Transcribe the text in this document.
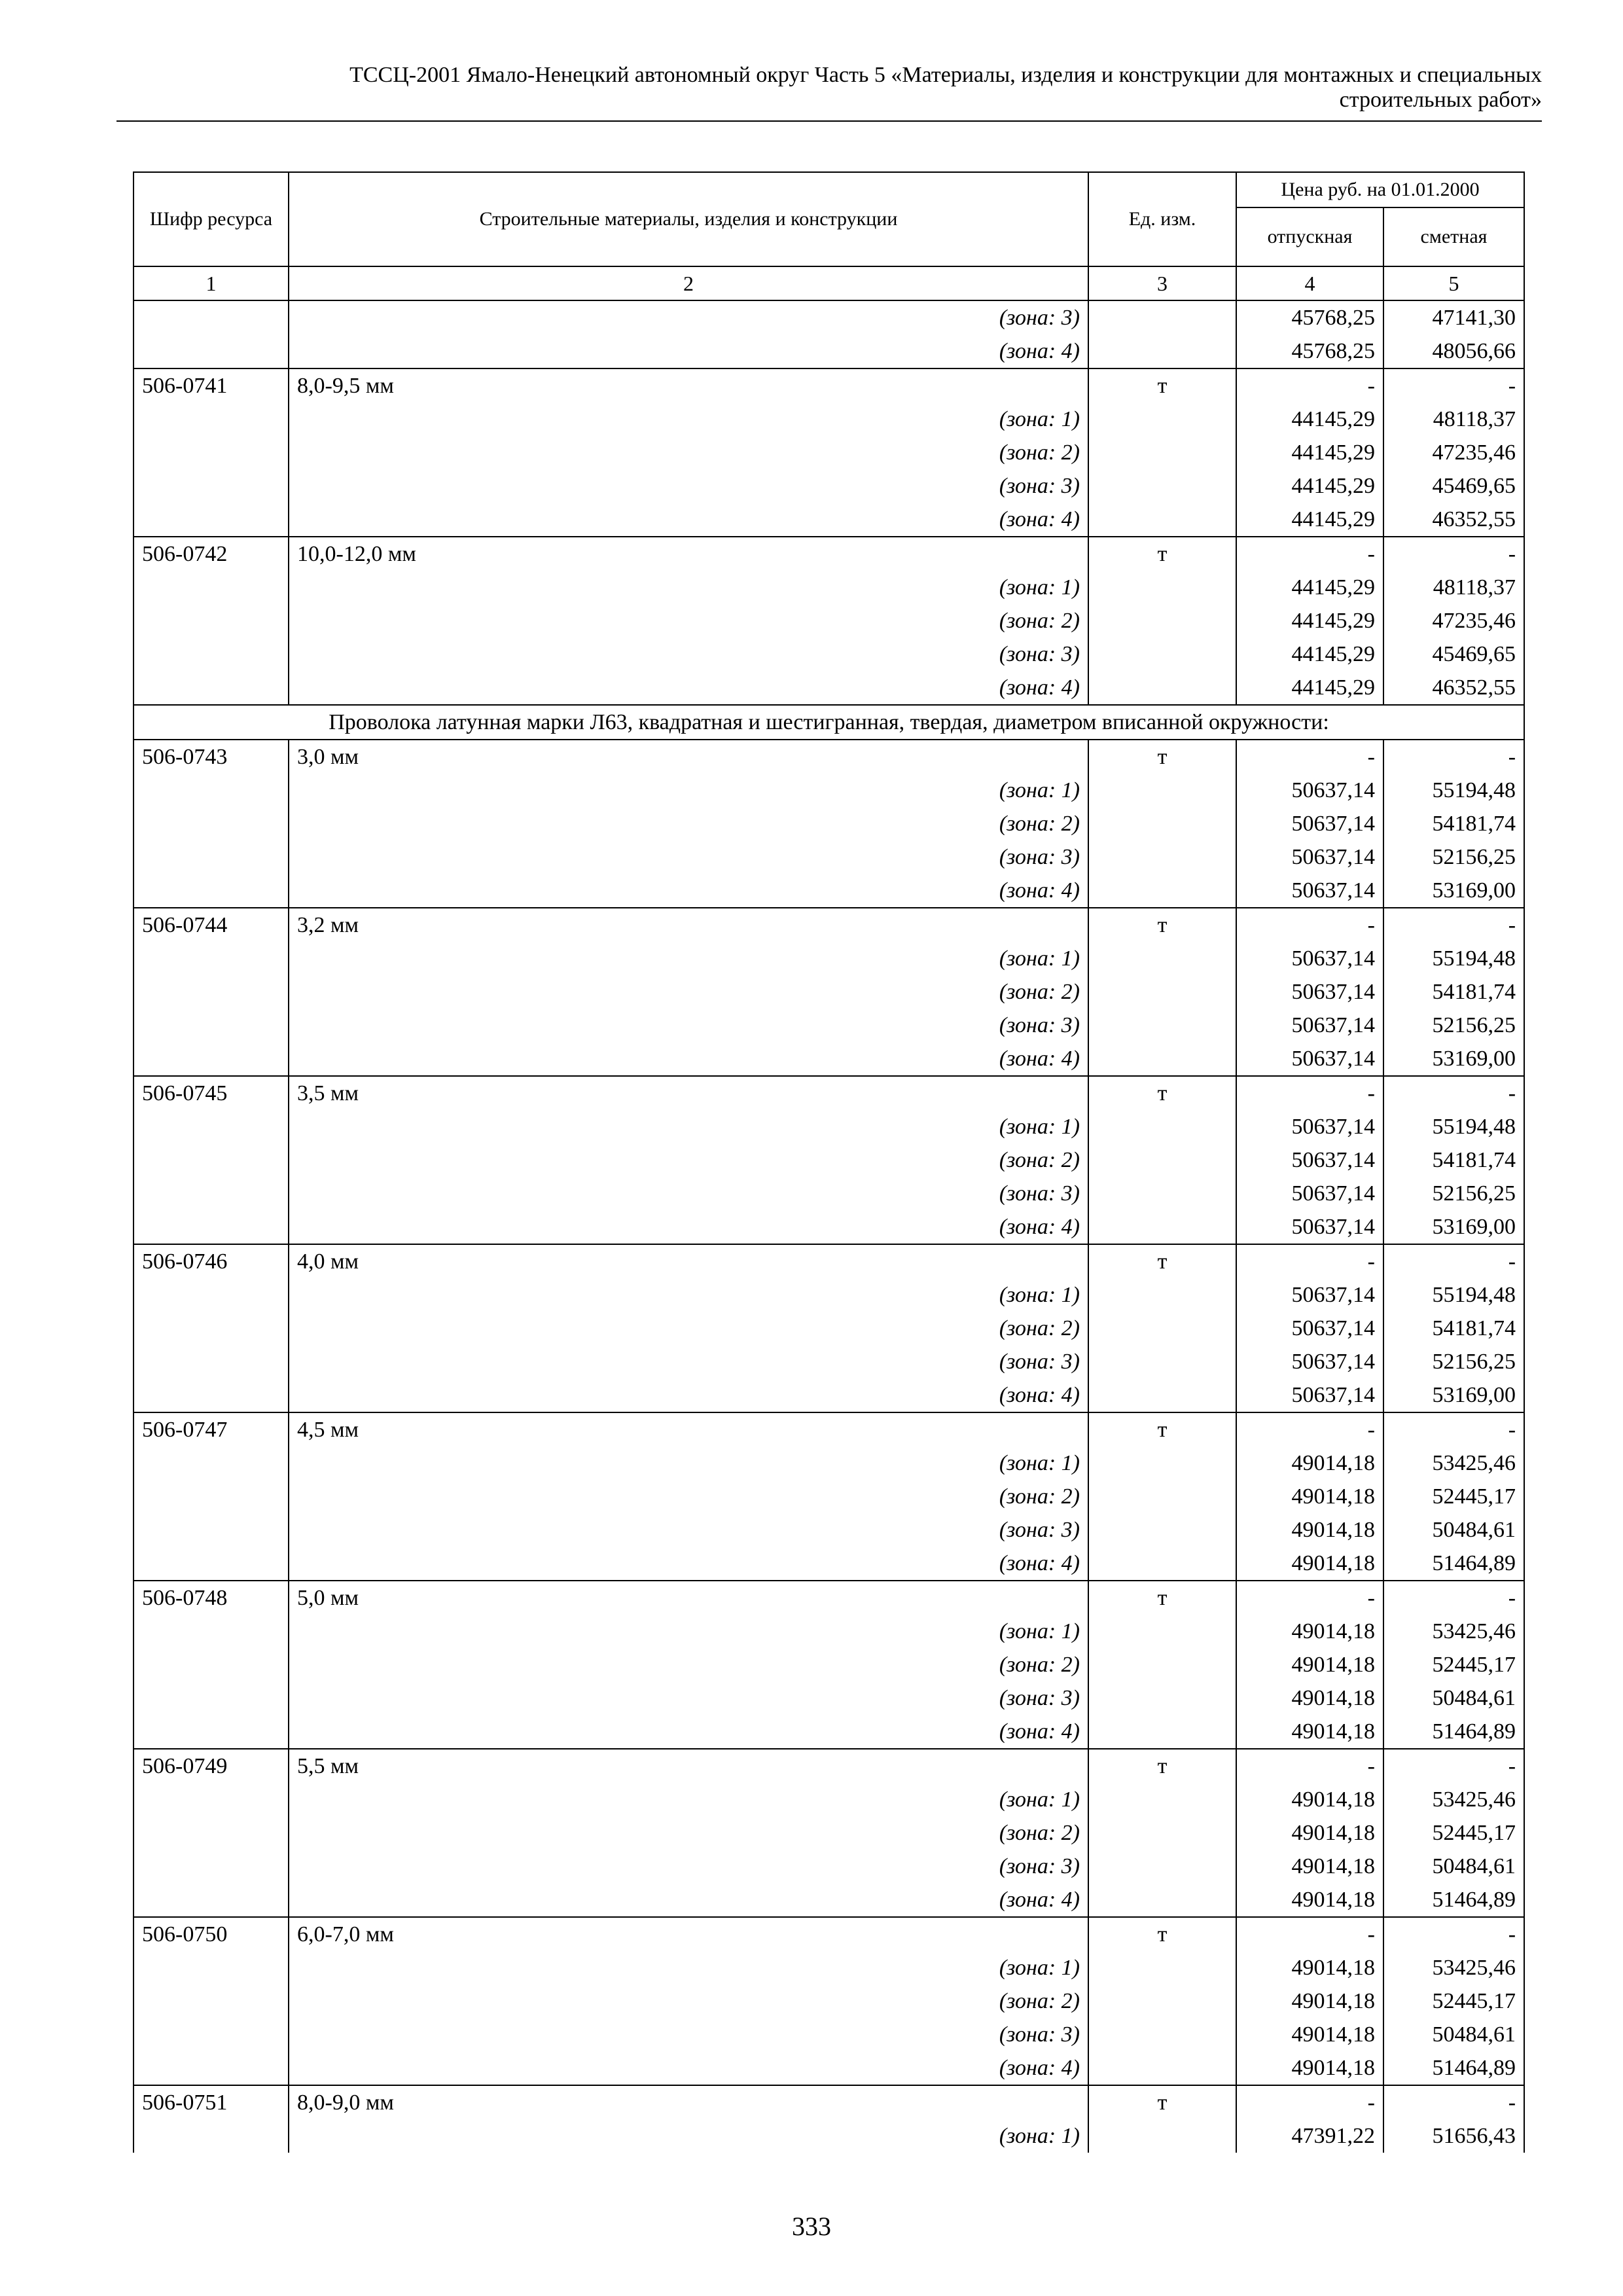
ТССЦ-2001 Ямало-Ненецкий автономный округ Часть 5 «Материалы, изделия и конструкции для монтажных и специальных
строительных работ»
Шифр ресурса	Строительные материалы, изделия и конструкции	Ед. изм.	Цена руб. на 01.01.2000	
			отпускная	сметная
1	2	3	4	5
	(зона: 3)		45768,25	47141,30
	(зона: 4)		45768,25	48056,66
506-0741	8,0-9,5 мм	т	-	-
	(зона: 1)		44145,29	48118,37
	(зона: 2)		44145,29	47235,46
	(зона: 3)		44145,29	45469,65
	(зона: 4)		44145,29	46352,55
506-0742	10,0-12,0 мм	т	-	-
	(зона: 1)		44145,29	48118,37
	(зона: 2)		44145,29	47235,46
	(зона: 3)		44145,29	45469,65
	(зона: 4)		44145,29	46352,55
Проволока латунная марки Л63, квадратная и шестигранная, твердая, диаметром вписанной окружности:				
506-0743	3,0 мм	т	-	-
	(зона: 1)		50637,14	55194,48
	(зона: 2)		50637,14	54181,74
	(зона: 3)		50637,14	52156,25
	(зона: 4)		50637,14	53169,00
506-0744	3,2 мм	т	-	-
	(зона: 1)		50637,14	55194,48
	(зона: 2)		50637,14	54181,74
	(зона: 3)		50637,14	52156,25
	(зона: 4)		50637,14	53169,00
506-0745	3,5 мм	т	-	-
	(зона: 1)		50637,14	55194,48
	(зона: 2)		50637,14	54181,74
	(зона: 3)		50637,14	52156,25
	(зона: 4)		50637,14	53169,00
506-0746	4,0 мм	т	-	-
	(зона: 1)		50637,14	55194,48
	(зона: 2)		50637,14	54181,74
	(зона: 3)		50637,14	52156,25
	(зона: 4)		50637,14	53169,00
506-0747	4,5 мм	т	-	-
	(зона: 1)		49014,18	53425,46
	(зона: 2)		49014,18	52445,17
	(зона: 3)		49014,18	50484,61
	(зона: 4)		49014,18	51464,89
506-0748	5,0 мм	т	-	-
	(зона: 1)		49014,18	53425,46
	(зона: 2)		49014,18	52445,17
	(зона: 3)		49014,18	50484,61
	(зона: 4)		49014,18	51464,89
506-0749	5,5 мм	т	-	-
	(зона: 1)		49014,18	53425,46
	(зона: 2)		49014,18	52445,17
	(зона: 3)		49014,18	50484,61
	(зона: 4)		49014,18	51464,89
506-0750	6,0-7,0 мм	т	-	-
	(зона: 1)		49014,18	53425,46
	(зона: 2)		49014,18	52445,17
	(зона: 3)		49014,18	50484,61
	(зона: 4)		49014,18	51464,89
506-0751	8,0-9,0 мм	т	-	-
	(зона: 1)		47391,22	51656,43
333
